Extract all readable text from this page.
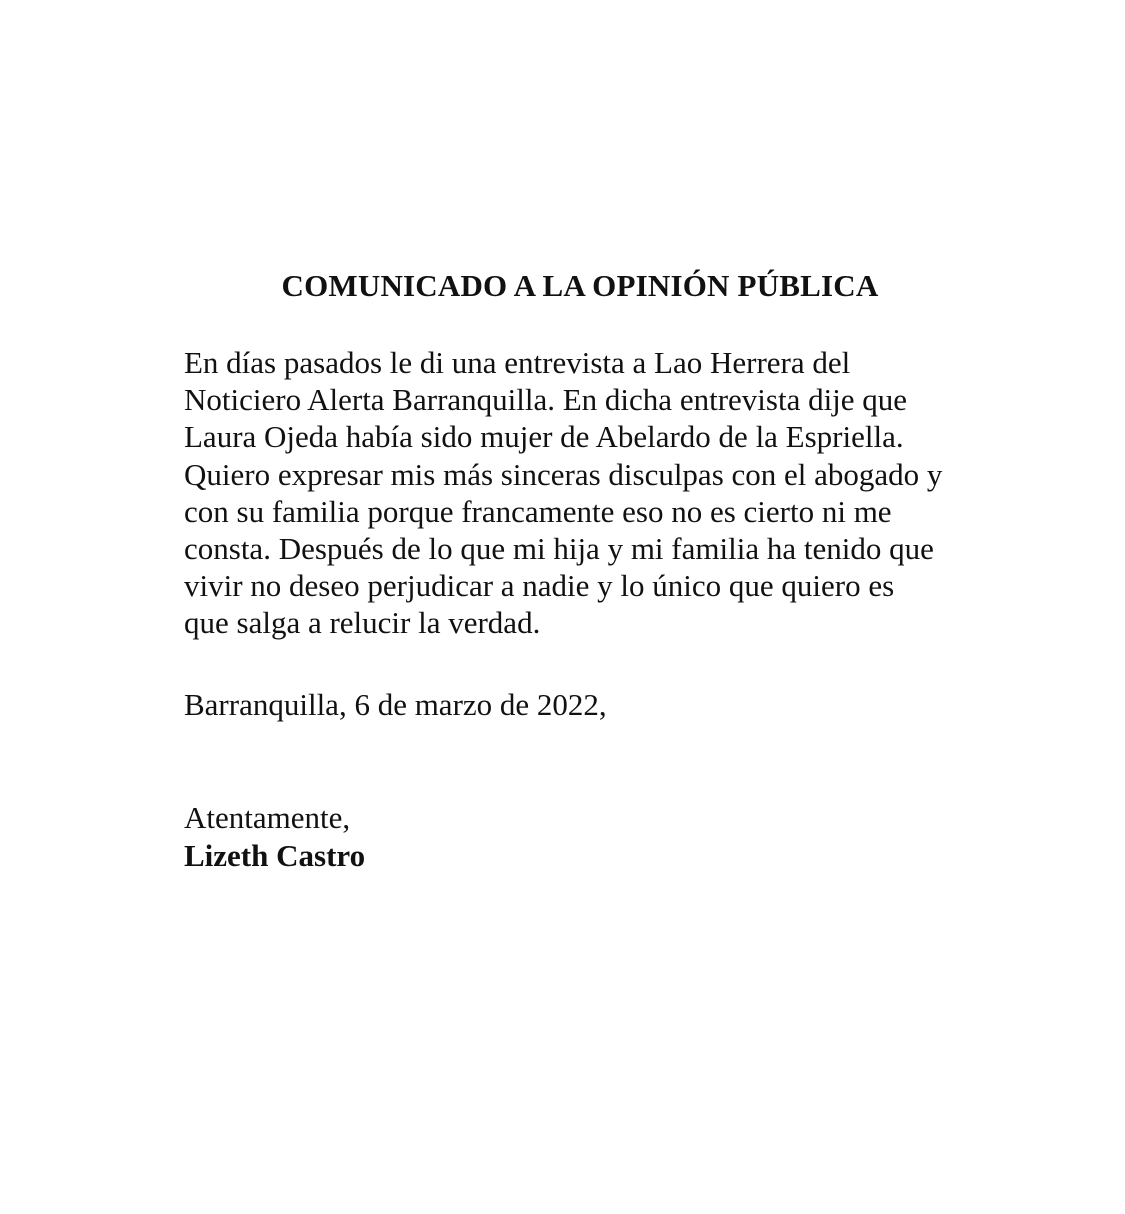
COMUNICADO A LA OPINIÓN PÚBLICA
En días pasados le di una entrevista a Lao Herrera del
Noticiero Alerta Barranquilla. En dicha entrevista dije que
Laura Ojeda había sido mujer de Abelardo de la Espriella.
Quiero expresar mis más sinceras disculpas con el abogado y
con su familia porque francamente eso no es cierto ni me
consta. Después de lo que mi hija y mi familia ha tenido que
vivir no deseo perjudicar a nadie y lo único que quiero es
que salga a relucir la verdad.

Barranquilla, 6 de marzo de 2022,

Atentamente,

Lizeth Castro
